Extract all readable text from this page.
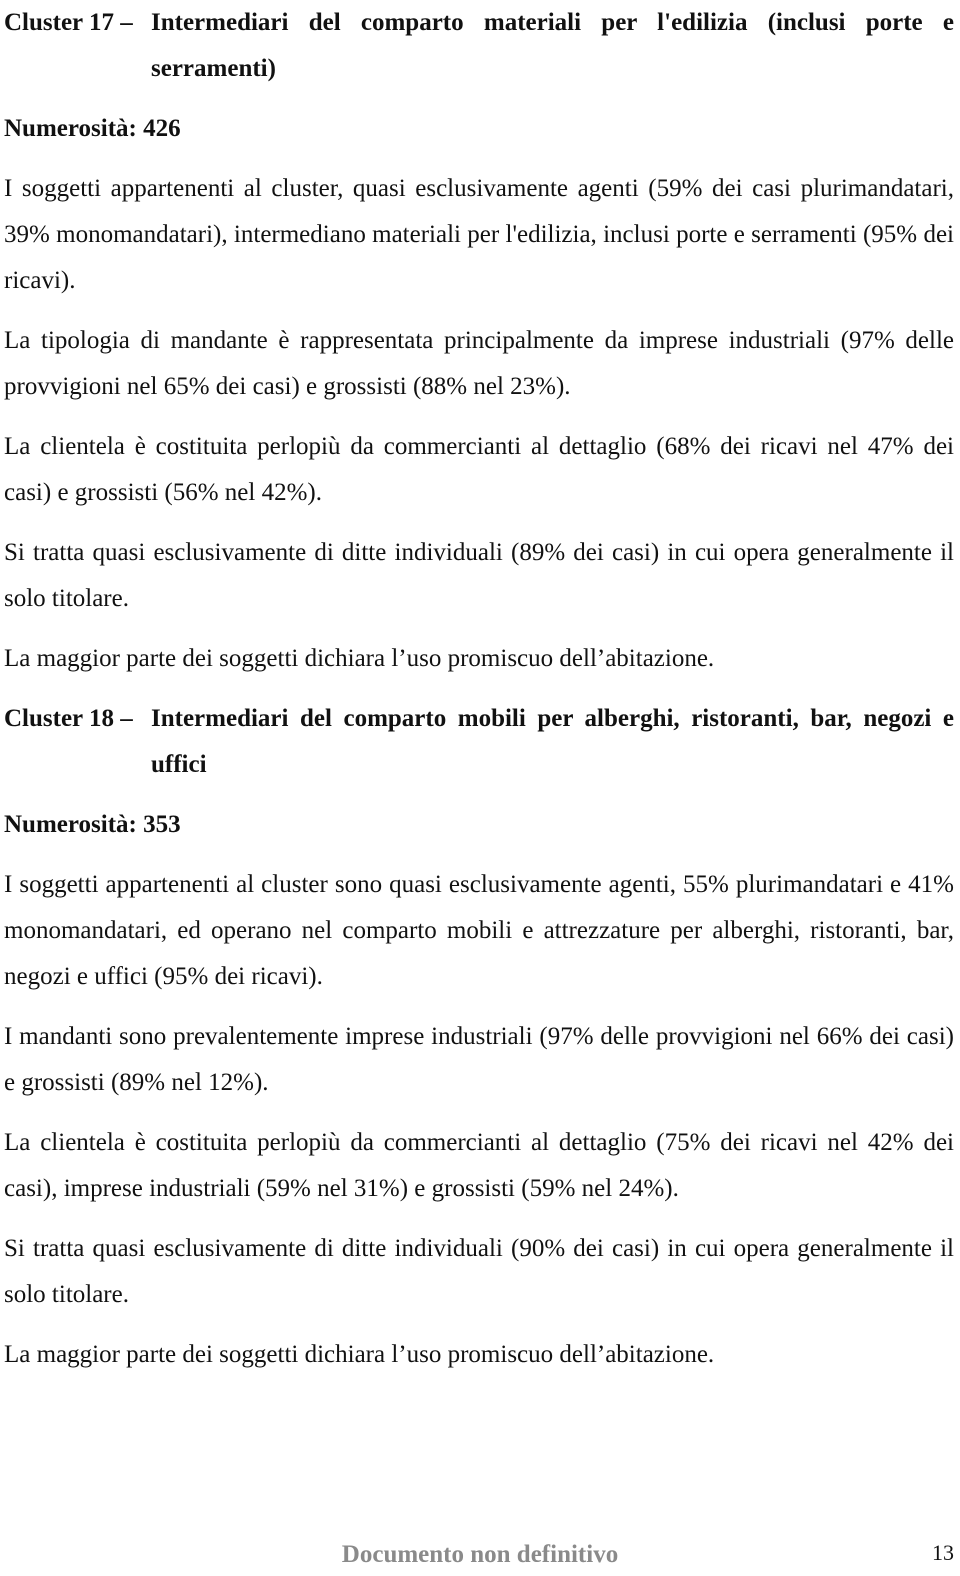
Cluster 17 – Intermediari del comparto materiali per l'edilizia (inclusi porte e serramenti)
Numerosità: 426

I soggetti appartenenti al cluster, quasi esclusivamente agenti (59% dei casi plurimandatari, 39% monomandatari), intermediano materiali per l'edilizia, inclusi porte e serramenti (95% dei ricavi).

La tipologia di mandante è rappresentata principalmente da imprese industriali (97% delle provvigioni nel 65% dei casi) e grossisti (88% nel 23%).

La clientela è costituita perlopiù da commercianti al dettaglio (68% dei ricavi nel 47% dei casi) e grossisti (56% nel 42%).

Si tratta quasi esclusivamente di ditte individuali (89% dei casi) in cui opera generalmente il solo titolare.

La maggior parte dei soggetti dichiara l’uso promiscuo dell’abitazione.

Cluster 18 – Intermediari del comparto mobili per alberghi, ristoranti, bar, negozi e uffici
Numerosità: 353

I soggetti appartenenti al cluster sono quasi esclusivamente agenti, 55% plurimandatari e 41% monomandatari, ed operano nel comparto mobili e attrezzature per alberghi, ristoranti, bar, negozi e uffici (95% dei ricavi).

I mandanti sono prevalentemente imprese industriali (97% delle provvigioni nel 66% dei casi) e grossisti (89% nel 12%).

La clientela è costituita perlopiù da commercianti al dettaglio (75% dei ricavi nel 42% dei casi), imprese industriali (59% nel 31%) e grossisti (59% nel 24%).

Si tratta quasi esclusivamente di ditte individuali (90% dei casi) in cui opera generalmente il solo titolare.

La maggior parte dei soggetti dichiara l’uso promiscuo dell’abitazione.

Documento non definitivo	13
